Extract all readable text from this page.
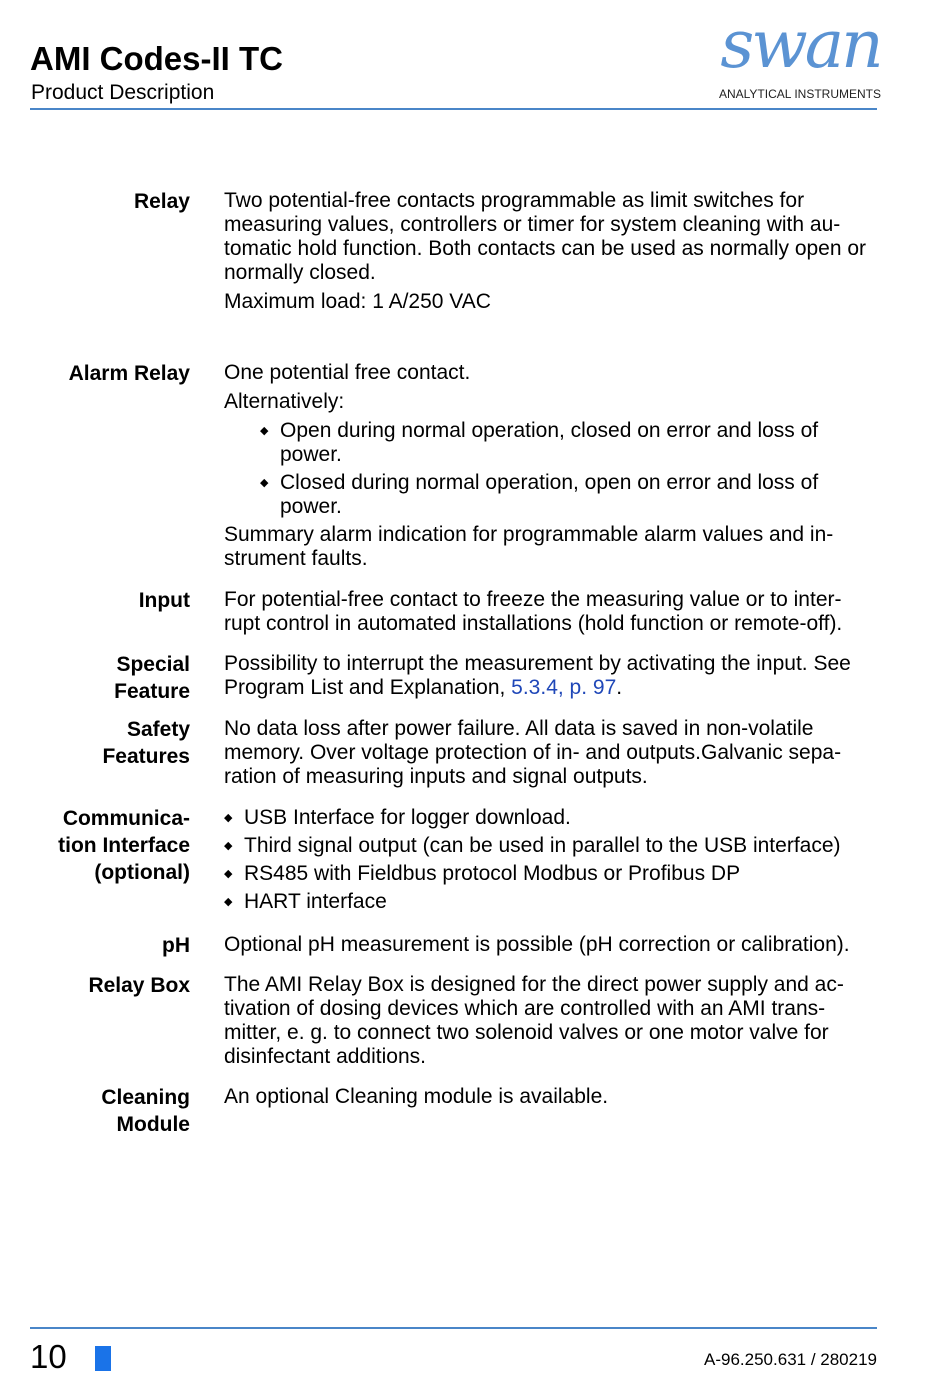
AMI Codes-II TC
Product Description
swan
ANALYTICAL INSTRUMENTS
Relay Two potential-free contacts programmable as limit switches for measuring values, controllers or timer for system cleaning with au-tomatic hold function. Both contacts can be used as normally open or normally closed.

Maximum load: 1 A/250 VAC

Alarm Relay One potential free contact.

Alternatively:

◆ Open during normal operation, closed on error and loss of power.
◆ Closed during normal operation, open on error and loss of power.

Summary alarm indication for programmable alarm values and in-strument faults.

Input For potential-free contact to freeze the measuring value or to inter-rupt control in automated installations (hold function or remote-off).

Special
Feature

Possibility to interrupt the measurement by activating the input. See Program List and Explanation, 5.3.4, p. 97.

Safety
Features

No data loss after power failure. All data is saved in non-volatile memory. Over voltage protection of in- and outputs.Galvanic sepa-ration of measuring inputs and signal outputs.

Communica-
tion Interface
(optional)
◆ USB Interface for logger download.
◆ Third signal output (can be used in parallel to the USB interface)
◆ RS485 with Fieldbus protocol Modbus or Profibus DP
◆ HART interface
pH Optional pH measurement is possible (pH correction or calibration).

Relay Box The AMI Relay Box is designed for the direct power supply and ac-tivation of dosing devices which are controlled with an AMI trans-mitter, e. g. to connect two solenoid valves or one motor valve for disinfectant additions.

Cleaning
Module

An optional Cleaning module is available.

10	A-96.250.631 / 280219
